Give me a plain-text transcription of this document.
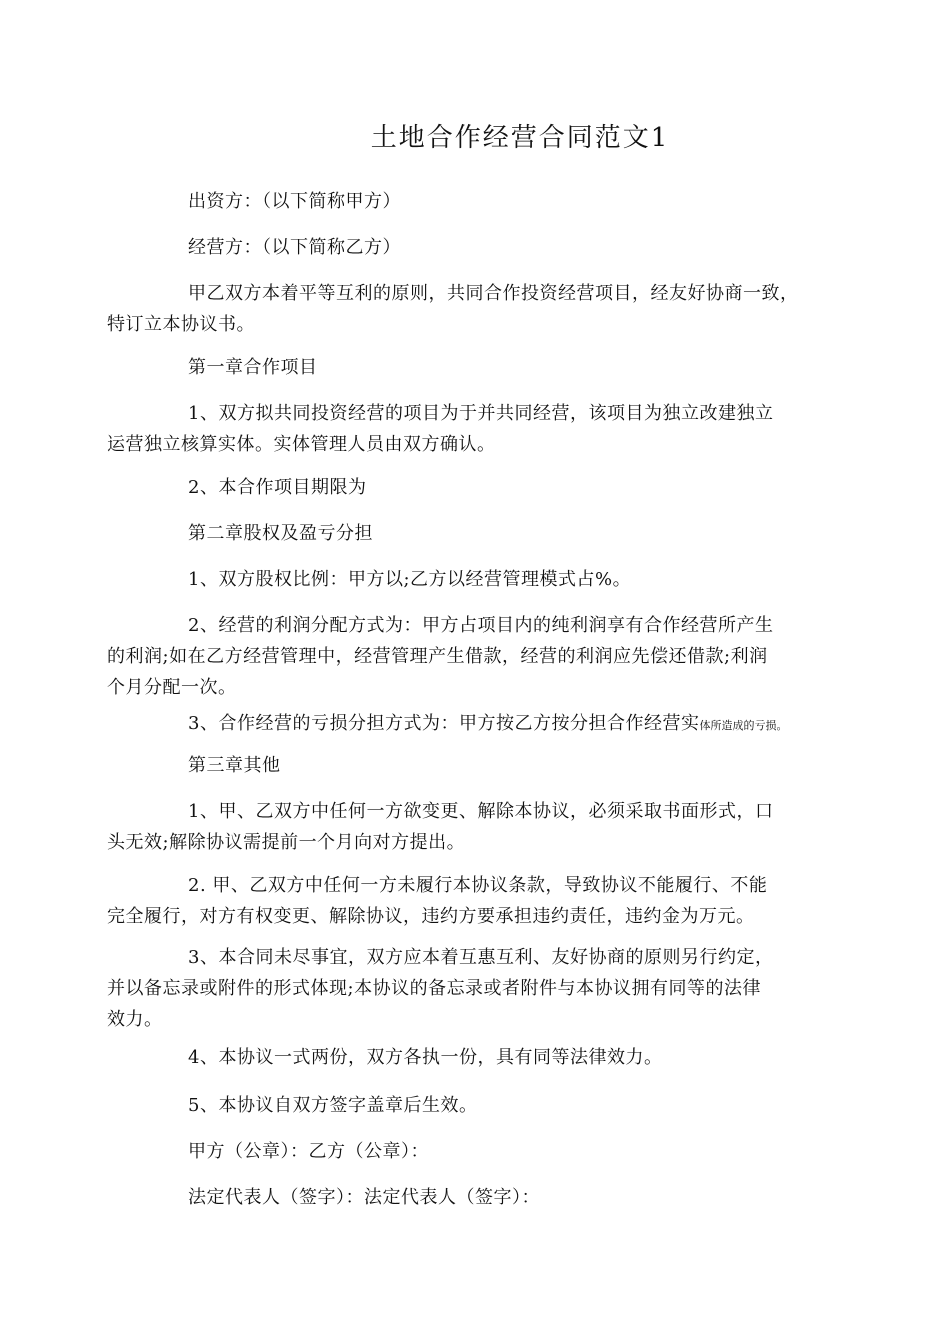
土地合作经营合同范文1
出资方：（以下简称甲方）
经营方：（以下简称乙方）
甲乙双方本着平等互利的原则，共同合作投资经营项目，经友好协商一致，
特订立本协议书。
第一章合作项目
1、双方拟共同投资经营的项目为于并共同经营，该项目为独立改建独立
运营独立核算实体。实体管理人员由双方确认。
2、本合作项目期限为
第二章股权及盈亏分担
1、双方股权比例：甲方以;乙方以经营管理模式占%。
2、经营的利润分配方式为：甲方占项目内的纯利润享有合作经营所产生
的利润;如在乙方经营管理中，经营管理产生借款，经营的利润应先偿还借款;利润
个月分配一次。
3、合作经营的亏损分担方式为：甲方按乙方按分担合作经营实体所造成的亏损。
第三章其他
1、甲、乙双方中任何一方欲变更、解除本协议，必须采取书面形式，口
头无效;解除协议需提前一个月向对方提出。
2. 甲、乙双方中任何一方未履行本协议条款，导致协议不能履行、不能
完全履行，对方有权变更、解除协议，违约方要承担违约责任，违约金为万元。
3、本合同未尽事宜，双方应本着互惠互利、友好协商的原则另行约定，
并以备忘录或附件的形式体现;本协议的备忘录或者附件与本协议拥有同等的法律
效力。
4、本协议一式两份，双方各执一份，具有同等法律效力。
5、本协议自双方签字盖章后生效。
甲方（公章）：乙方（公章）：
法定代表人（签字）：法定代表人（签字）：
